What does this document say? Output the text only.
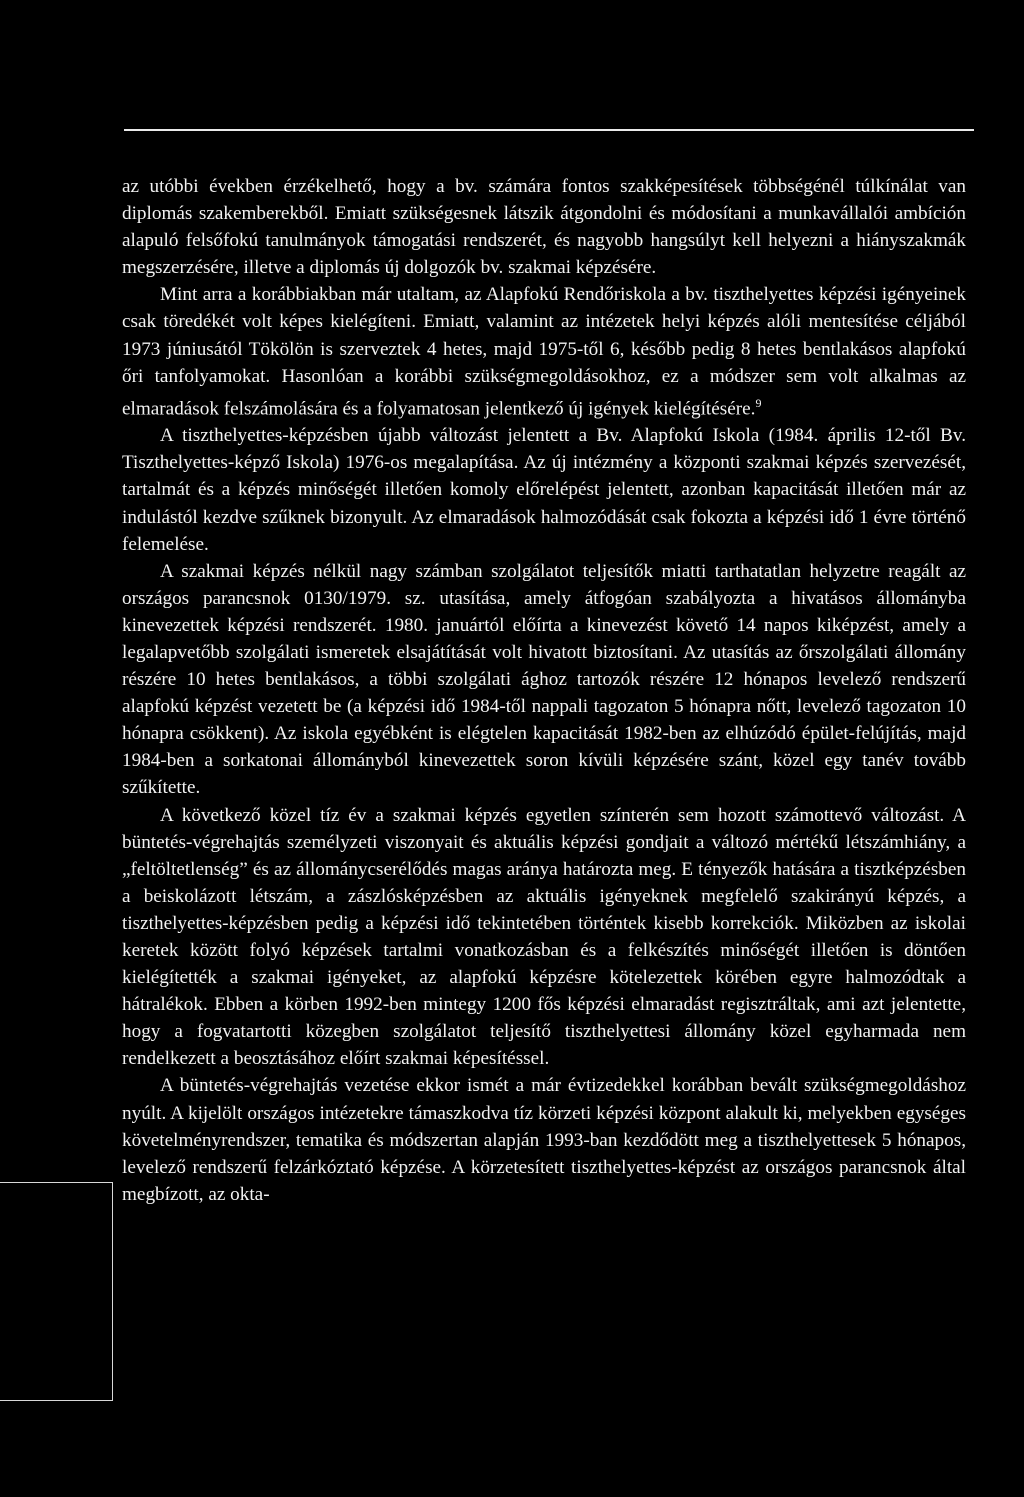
az utóbbi években érzékelhető, hogy a bv. számára fontos szakképesítések többségénél túlkínálat van diplomás szakemberekből. Emiatt szükségesnek látszik átgondolni és módosítani a munkavállalói ambíción alapuló felsőfokú tanulmányok támogatási rendszerét, és nagyobb hangsúlyt kell helyezni a hiányszakmák megszerzésére, illetve a diplomás új dolgozók bv. szakmai képzésére.

Mint arra a korábbiakban már utaltam, az Alapfokú Rendőriskola a bv. tiszthelyettes képzési igényeinek csak töredékét volt képes kielégíteni. Emiatt, valamint az intézetek helyi képzés alóli mentesítése céljából 1973 júniusától Tökölön is szerveztek 4 hetes, majd 1975-től 6, később pedig 8 hetes bentlakásos alapfokú őri tanfolyamokat. Hasonlóan a korábbi szükségmegoldásokhoz, ez a módszer sem volt alkalmas az elmaradások felszámolására és a folyamatosan jelentkező új igények kielégítésére.$^9$

A tiszthelyettes-képzésben újabb változást jelentett a Bv. Alapfokú Iskola (1984. április 12-től Bv. Tiszthelyettes-képző Iskola) 1976-os megalapítása. Az új intézmény a központi szakmai képzés szervezését, tartalmát és a képzés minőségét illetően komoly előrelépést jelentett, azonban kapacitását illetően már az indulástól kezdve szűknek bizonyult. Az elmaradások halmozódását csak fokozta a képzési idő 1 évre történő felemelése.

A szakmai képzés nélkül nagy számban szolgálatot teljesítők miatti tarthatatlan helyzetre reagált az országos parancsnok 0130/1979. sz. utasítása, amely átfogóan szabályozta a hivatásos állományba kinevezettek képzési rendszerét. 1980. januártól előírta a kinevezést követő 14 napos kiképzést, amely a legalapvetőbb szolgálati ismeretek elsajátítását volt hivatott biztosítani. Az utasítás az őrszolgálati állomány részére 10 hetes bentlakásos, a többi szolgálati ághoz tartozók részére 12 hónapos levelező rendszerű alapfokú képzést vezetett be (a képzési idő 1984-től nappali tagozaton 5 hónapra nőtt, levelező tagozaton 10 hónapra csökkent). Az iskola egyébként is elégtelen kapacitását 1982-ben az elhúzódó épület-felújítás, majd 1984-ben a sorkatonai állományból kinevezettek soron kívüli képzésére szánt, közel egy tanév tovább szűkítette.

A következő közel tíz év a szakmai képzés egyetlen színterén sem hozott számottevő változást. A büntetés-végrehajtás személyzeti viszonyait és aktuális képzési gondjait a változó mértékű létszámhiány, a „feltöltetlenség” és az állománycserélődés magas aránya határozta meg. E tényezők hatására a tisztképzésben a beiskolázott létszám, a zászlósképzésben az aktuális igényeknek megfelelő szakirányú képzés, a tiszthelyettes-képzésben pedig a képzési idő tekintetében történtek kisebb korrekciók. Miközben az iskolai keretek között folyó képzések tartalmi vonatkozásban és a felkészítés minőségét illetően is döntően kielégítették a szakmai igényeket, az alapfokú képzésre kötelezettek körében egyre halmozódtak a hátralékok. Ebben a körben 1992-ben mintegy 1200 fős képzési elmaradást regisztráltak, ami azt jelentette, hogy a fogvatartotti közegben szolgálatot teljesítő tiszthelyettesi állomány közel egyharmada nem rendelkezett a beosztásához előírt szakmai képesítéssel.

A büntetés-végrehajtás vezetése ekkor ismét a már évtizedekkel korábban bevált szükségmegoldáshoz nyúlt. A kijelölt országos intézetekre támaszkodva tíz körzeti képzési központ alakult ki, melyekben egységes követelményrendszer, tematika és módszertan alapján 1993-ban kezdődött meg a tiszthelyettesek 5 hónapos, levelező rendszerű felzárkóztató képzése. A körzetesített tiszthelyettes-képzést az országos parancsnok által megbízott, az okta-
